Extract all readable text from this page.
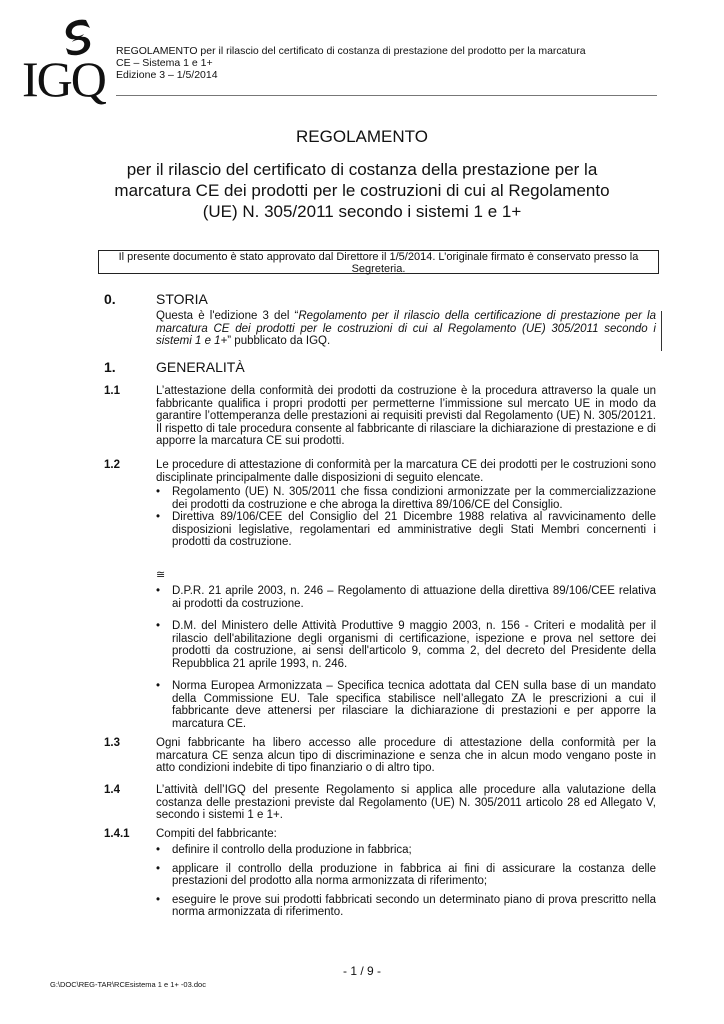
IGQ REGOLAMENTO per il rilascio del certificato di costanza di prestazione del prodotto per la marcatura
CE – Sistema 1 e 1+
Edizione 3 – 1/5/2014
REGOLAMENTO
per il rilascio del certificato di costanza della prestazione per la marcatura CE dei prodotti per le costruzioni di cui al Regolamento (UE) N. 305/2011 secondo i sistemi 1 e 1+
Il presente documento è stato approvato dal Direttore il 1/5/2014. L’originale firmato è conservato presso la Segreteria.
0.	STORIA
Questa è l'edizione 3 del “Regolamento per il rilascio della certificazione di prestazione per la marcatura CE dei prodotti per le costruzioni di cui al Regolamento (UE) 305/2011 secondo i sistemi 1 e 1+” pubblicato da IGQ.
1.	GENERALITÀ
1.1	L’attestazione della conformità dei prodotti da costruzione è la procedura attraverso la quale un fabbricante qualifica i propri prodotti per permetterne l’immissione sul mercato UE in modo da garantire l’ottemperanza delle prestazioni ai requisiti previsti dal Regolamento (UE) N. 305/20121. Il rispetto di tale procedura consente al fabbricante di rilasciare la dichiarazione di prestazione e di apporre la marcatura CE sui prodotti.
1.2	Le procedure di attestazione di conformità per la marcatura CE dei prodotti per le costruzioni sono disciplinate principalmente dalle disposizioni di seguito elencate.
• Regolamento (UE) N. 305/2011 che fissa condizioni armonizzate per la commercializzazione dei prodotti da costruzione e che abroga la direttiva 89/106/CE del Consiglio.
• Direttiva 89/106/CEE del Consiglio del 21 Dicembre 1988 relativa al ravvicinamento delle disposizioni legislative, regolamentari ed amministrative degli Stati Membri concernenti i prodotti da costruzione.
≅
• D.P.R. 21 aprile 2003, n. 246 – Regolamento di attuazione della direttiva 89/106/CEE relativa ai prodotti da costruzione.
• D.M. del Ministero delle Attività Produttive 9 maggio 2003, n. 156 - Criteri e modalità per il rilascio dell'abilitazione degli organismi di certificazione, ispezione e prova nel settore dei prodotti da costruzione, ai sensi dell'articolo 9, comma 2, del decreto del Presidente della Repubblica 21 aprile 1993, n. 246.
• Norma Europea Armonizzata – Specifica tecnica adottata dal CEN sulla base di un mandato della Commissione EU. Tale specifica stabilisce nell’allegato ZA le prescrizioni a cui il fabbricante deve attenersi per rilasciare la dichiarazione di prestazioni e per apporre la marcatura CE.
1.3	Ogni fabbricante ha libero accesso alle procedure di attestazione della conformità per la marcatura CE senza alcun tipo di discriminazione e senza che in alcun modo vengano poste in atto condizioni indebite di tipo finanziario o di altro tipo.
1.4	L’attività dell’IGQ del presente Regolamento si applica alle procedure alla valutazione della costanza delle prestazioni previste dal Regolamento (UE) N. 305/2011 articolo 28 ed Allegato V, secondo i sistemi 1 e 1+.
1.4.1 Compiti del fabbricante:
• definire il controllo della produzione in fabbrica;
• applicare il controllo della produzione in fabbrica ai fini di assicurare la costanza delle prestazioni del prodotto alla norma armonizzata di riferimento;
• eseguire le prove sui prodotti fabbricati secondo un determinato piano di prova prescritto nella norma armonizzata di riferimento.
- 1 / 9 -
G:\DOC\REG-TAR\RCEsistema 1 e 1+ -03.doc
